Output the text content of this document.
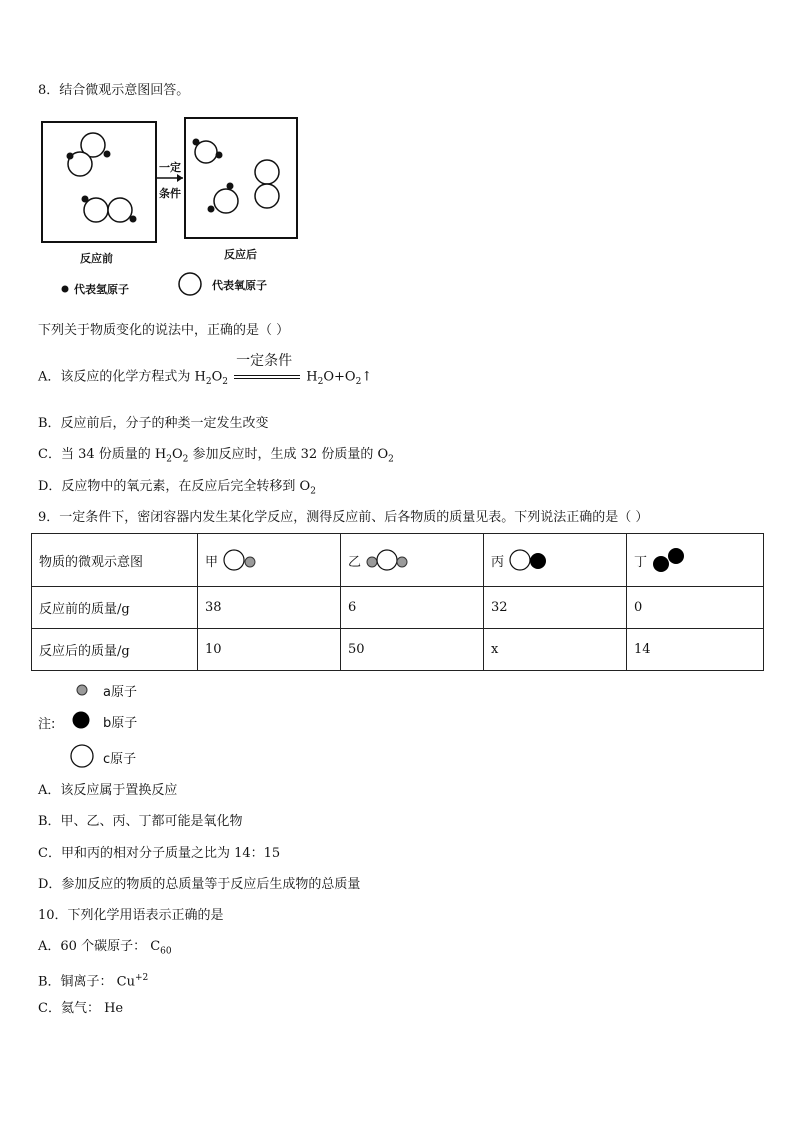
8．结合微观示意图回答。
一定
条件
反应前	反应后
代表氢原子	代表氧原子
下列关于物质变化的说法中，正确的是（ ）
A．该反应的化学方程式为 $H_2O_2$
一定条件
$H_2O+O_2↑$
B．反应前后，分子的种类一定发生改变
C．当 34 份质量的 $H_2O_2$ 参加反应时，生成 32 份质量的 $O_2$
D．反应物中的氧元素，在反应后完全转移到 $O_2$
9．一定条件下，密闭容器内发生某化学反应，测得反应前、后各物质的质量见表。下列说法正确的是（ ）
物质的微观示意图	甲	乙	丙	丁

反应前的质量/g	38	6	32	0
反应后的质量/g	10	50	x	14
a原子
注:	b原子
c原子
A．该反应属于置换反应
B．甲、乙、丙、丁都可能是氧化物
C．甲和丙的相对分子质量之比为 14：15
D．参加反应的物质的总质量等于反应后生成物的总质量
10．下列化学用语表示正确的是
A．60 个碳原子： $C_{60}$
B．铜离子： $Cu^{+2}$
C．氦气： He
